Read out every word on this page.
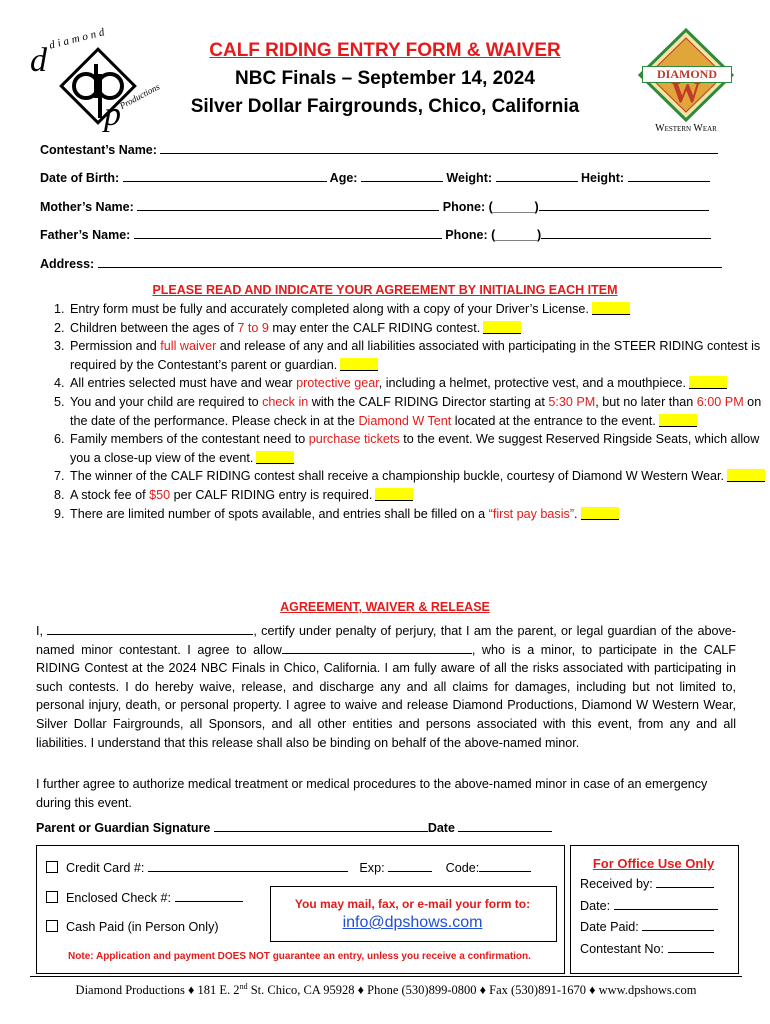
d
diamond
p
Productions
DIAMOND
W
Western Wear
CALF RIDING ENTRY FORM & WAIVER
NBC Finals – September 14, 2024
Silver Dollar Fairgrounds, Chico, California
Contestant’s Name:
Date of Birth:	Age:	Weight:	Height:
Mother’s Name:	Phone: (______)
Father’s Name:	Phone: (______)
Address:
PLEASE READ AND INDICATE YOUR AGREEMENT BY INITIALING EACH ITEM
1. Entry form must be fully and accurately completed along with a copy of your Driver’s License.
2. Children between the ages of 7 to 9 may enter the CALF RIDING contest.
3. Permission and full waiver and release of any and all liabilities associated with participating in the STEER RIDING contest is required by the Contestant’s parent or guardian.
4. All entries selected must have and wear protective gear, including a helmet, protective vest, and a mouthpiece.
5. You and your child are required to check in with the CALF RIDING Director starting at 5:30 PM, but no later than 6:00 PM on the date of the performance. Please check in at the Diamond W Tent located at the entrance to the event.
6. Family members of the contestant need to purchase tickets to the event. We suggest Reserved Ringside Seats, which allow you a close-up view of the event.
7. The winner of the CALF RIDING contest shall receive a championship buckle, courtesy of Diamond W Western Wear.
8. A stock fee of $50 per CALF RIDING entry is required.
9. There are limited number of spots available, and entries shall be filled on a “first pay basis”.
AGREEMENT, WAIVER & RELEASE
I,	, certify under penalty of perjury, that I am the parent, or legal guardian of the above-named minor contestant. I agree to allow	, who is a minor, to participate in the CALF RIDING Contest at the 2024 NBC Finals in Chico, California. I am fully aware of all the risks associated with participating in such contests. I do hereby waive, release, and discharge any and all claims for damages, including but not limited to, personal injury, death, or personal property. I agree to waive and release Diamond Productions, Diamond W Western Wear, Silver Dollar Fairgrounds, all Sponsors, and all other entities and persons associated with this event, from any and all liabilities. I understand that this release shall also be binding on behalf of the above-named minor.
I further agree to authorize medical treatment or medical procedures to the above-named minor in case of an emergency during this event.
Parent or Guardian Signature	Date
Credit Card #:	Exp:	Code:
Enclosed Check #:
Cash Paid (in Person Only)
You may mail, fax, or e-mail your form to:
info@dpshows.com
Note: Application and payment DOES NOT guarantee an entry, unless you receive a confirmation.
For Office Use Only
Received by:
Date:
Date Paid:
Contestant No:
Diamond Productions ♦ 181 E. 2nd St. Chico, CA 95928 ♦ Phone (530)899-0800 ♦ Fax (530)891-1670 ♦ www.dpshows.com
